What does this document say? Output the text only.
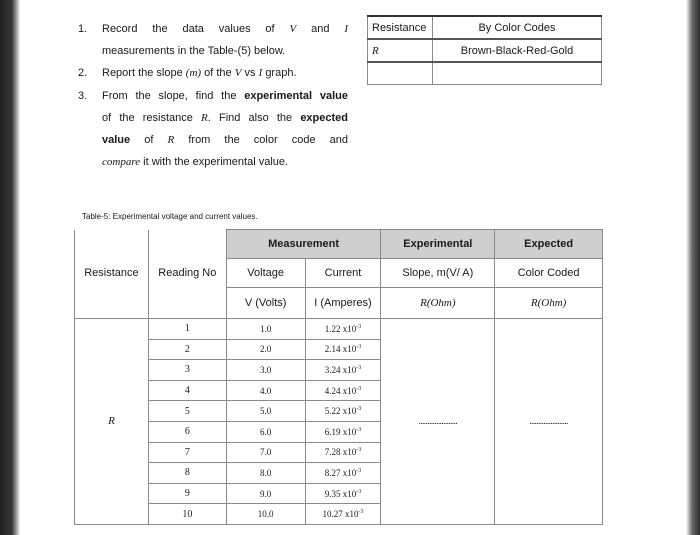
1. Record the data values of V and I
measurements in the Table-(5) below.
2. Report the slope (m) of the V vs I graph.
3. From the slope, find the experimental value
of the resistance R. Find also the expected
value of R from the color code and
compare it with the experimental value.
Resistance	By Color Codes
R	Brown-Black-Red-Gold

Table-5: Experimental voltage and current values.
		Measurement		Experimental	Expected
Resistance	Reading No	Voltage	Current	Slope, m(V/ A)	Color Coded
		V (Volts)	I (Amperes)	R(Ohm)	R(Ohm)
R	1	1.0	1.22 $x10^{-3}$	......................	......................
	2	2.0	2.14 $x10^{-3}$
	3	3.0	3.24 $x10^{-3}$
	4	4.0	4.24 $x10^{-3}$
	5	5.0	5.22 $x10^{-3}$
	6	6.0	6.19 $x10^{-3}$
	7	7.0	7.28 $x10^{-3}$
	8	8.0	8.27 $x10^{-3}$
	9	9.0	9.35 $x10^{-3}$
	10	10.0	10.27 $x10^{-3}$
